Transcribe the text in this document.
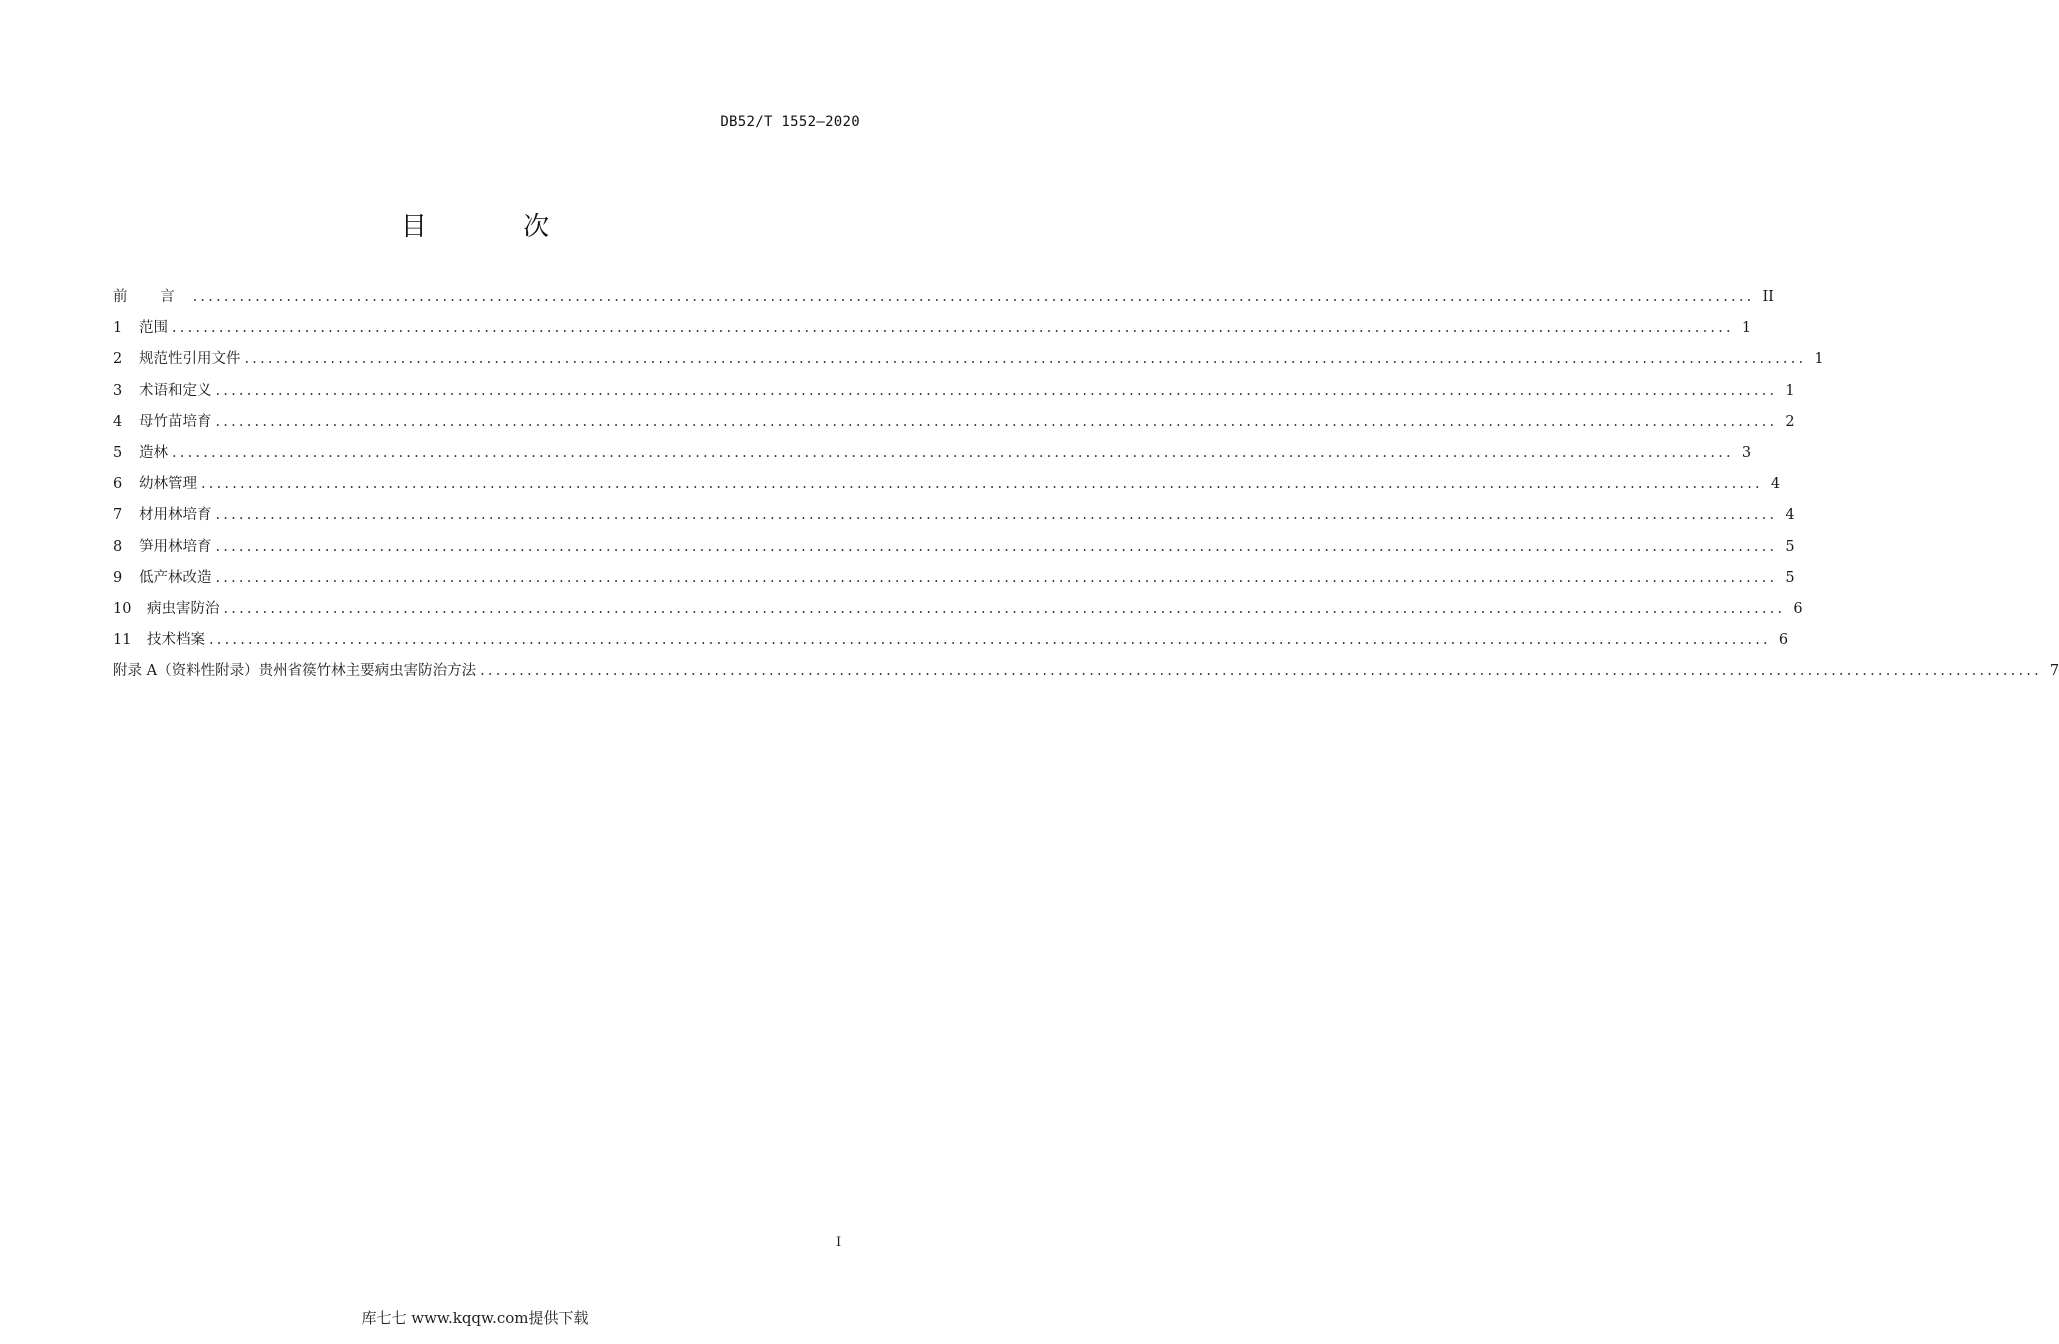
DB52/T 1552—2020
目 次
前 言 ........................................................................................................................................................................................................ II
1	范围 ........................................................................................................................................................................................................ 1
2	规范性引用文件 ........................................................................................................................................................................................................ 1
3	术语和定义 ........................................................................................................................................................................................................ 1
4	母竹苗培育 ........................................................................................................................................................................................................ 2
5	造林 ........................................................................................................................................................................................................ 3
6	幼林管理 ........................................................................................................................................................................................................ 4
7	材用林培育 ........................................................................................................................................................................................................ 4
8	笋用林培育 ........................................................................................................................................................................................................ 5
9	低产林改造 ........................................................................................................................................................................................................ 5
10	病虫害防治 ........................................................................................................................................................................................................ 6
11	技术档案 ........................................................................................................................................................................................................ 6
附录 A（资料性附录） 贵州省篌竹林主要病虫害防治方法 ........................................................................................................................................................................................................ 7
I
库七七 www.kqqw.com提供下载
